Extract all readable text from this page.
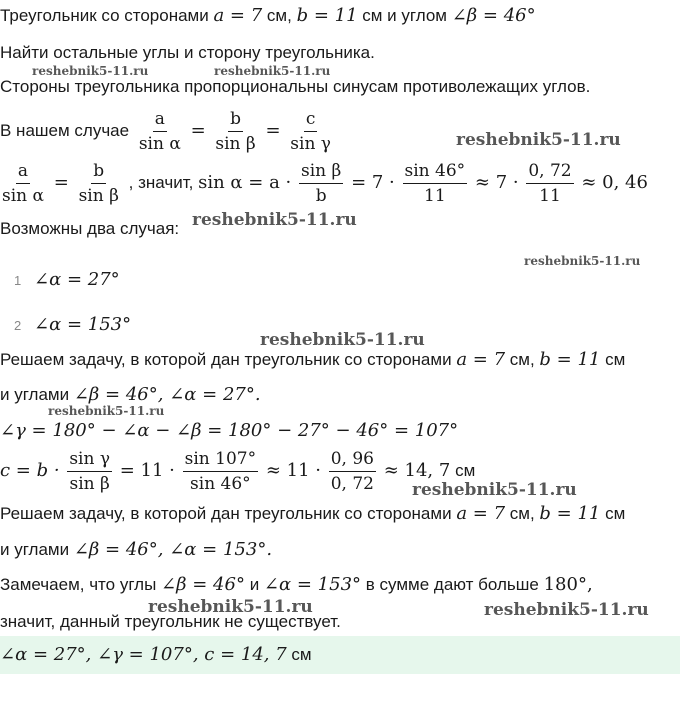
Треугольник со сторонами a = 7 см, b = 11 см и углом ∠β = 46°
Найти остальные углы и сторону треугольника.
reshebnik5-11.ru	reshebnik5-11.ru
Стороны треугольника пропорциональны синусам противолежащих углов.
В нашем случае $\frac{a}{\text{sin α}} = \frac{b}{\text{sin β}} = \frac{c}{\text{sin γ}}$	reshebnik5-11.ru
$\frac{a}{\text{sin α}} = \frac{b}{\text{sin β}}$ , значит, $\sin \alpha = a \cdot \frac{\text{sin β}}{b} = 7 \cdot \frac{\sin 46^\circ}{11} \approx 7 \cdot \frac{0, 72}{11} \approx 0$, 46
Возможны два случая: reshebnik5-11.ru
reshebnik5-11.ru
1 ∠α = 27°
2 ∠α = 153°
reshebnik5-11.ru
Решаем задачу, в которой дан треугольник со сторонами a = 7 см, b = 11 см
и углами ∠β = 46°, ∠α = 27°.
reshebnik5-11.ru
∠γ = 180° − ∠α − ∠β = 180° − 27° − 46° = 107°
$c = b \cdot \frac{\text{sin γ}}{\text{sin β}} = 11 \cdot \frac{\sin 107^\circ}{\sin 46^\circ} \approx 11 \cdot \frac{0, 96}{0, 72} \approx 14$, 7 см
reshebnik5-11.ru
Решаем задачу, в которой дан треугольник со сторонами a = 7 см, b = 11 см
и углами ∠β = 46°, ∠α = 153°.
Замечаем, что углы ∠β = 46° и ∠α = 153° в сумме дают больше 180°,
reshebnik5-11.ru	reshebnik5-11.ru
значит, данный треугольник не существует.
∠α = 27°, ∠γ = 107°, c = 14, 7 см
